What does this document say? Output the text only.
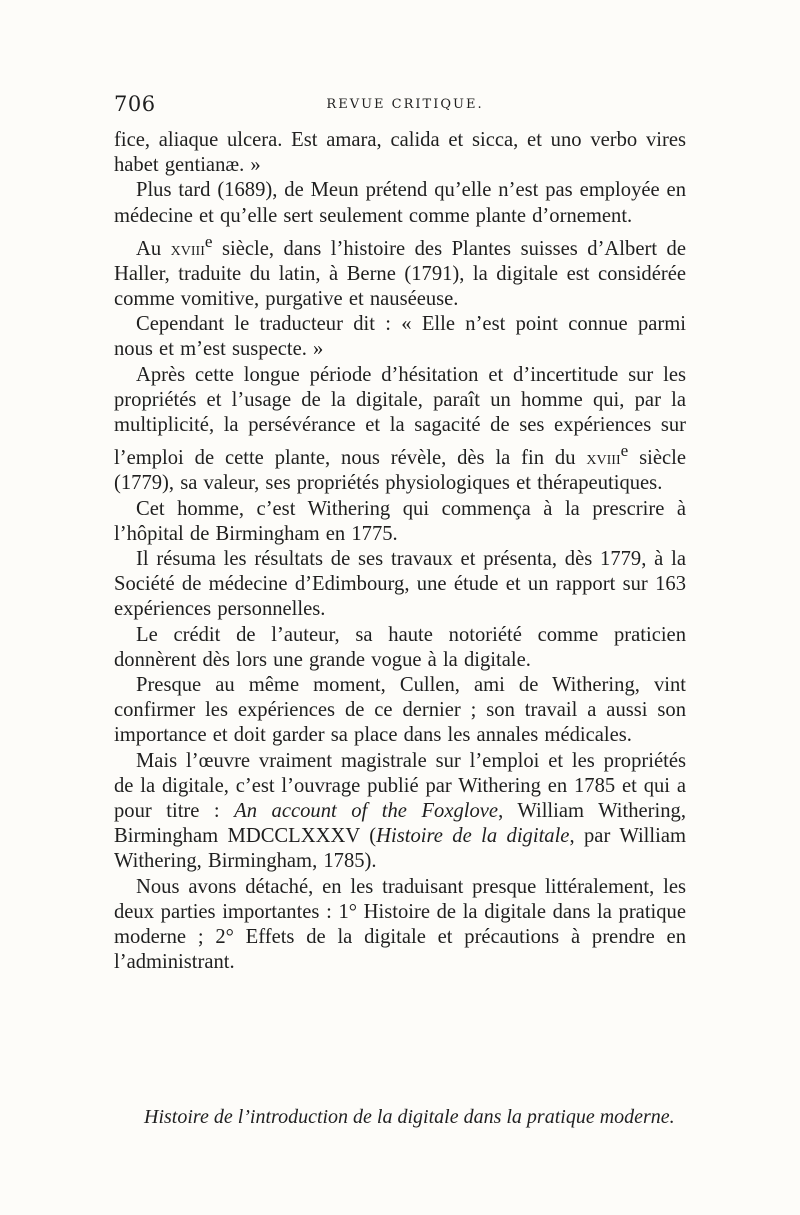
706	REVUE CRITIQUE.

fice, aliaque ulcera. Est amara, calida et sicca, et uno verbo vires habet gentianæ. »

Plus tard (1689), de Meun prétend qu’elle n’est pas employée en médecine et qu’elle sert seulement comme plante d’ornement.

Au xviii$^e$ siècle, dans l’histoire des Plantes suisses d’Albert de Haller, traduite du latin, à Berne (1791), la digitale est considérée comme vomitive, purgative et nauséeuse.

Cependant le traducteur dit : « Elle n’est point connue parmi nous et m’est suspecte. »

Après cette longue période d’hésitation et d’incertitude sur les propriétés et l’usage de la digitale, paraît un homme qui, par la multiplicité, la persévérance et la sagacité de ses expériences sur l’emploi de cette plante, nous révèle, dès la fin du xviii$^e$ siècle (1779), sa valeur, ses propriétés physiologiques et thérapeutiques.

Cet homme, c’est Withering qui commença à la prescrire à l’hôpital de Birmingham en 1775.

Il résuma les résultats de ses travaux et présenta, dès 1779, à la Société de médecine d’Edimbourg, une étude et un rapport sur 163 expériences personnelles.

Le crédit de l’auteur, sa haute notoriété comme praticien donnèrent dès lors une grande vogue à la digitale.

Presque au même moment, Cullen, ami de Withering, vint confirmer les expériences de ce dernier ; son travail a aussi son importance et doit garder sa place dans les annales médicales.

Mais l’œuvre vraiment magistrale sur l’emploi et les propriétés de la digitale, c’est l’ouvrage publié par Withering en 1785 et qui a pour titre : An account of the Foxglove, William Withering, Birmingham MDCCLXXXV (Histoire de la digitale, par William Withering, Birmingham, 1785).

Nous avons détaché, en les traduisant presque littéralement, les deux parties importantes : 1° Histoire de la digitale dans la pratique moderne ; 2° Effets de la digitale et précautions à prendre en l’administrant.

Histoire de l’introduction de la digitale dans la pratique moderne.
